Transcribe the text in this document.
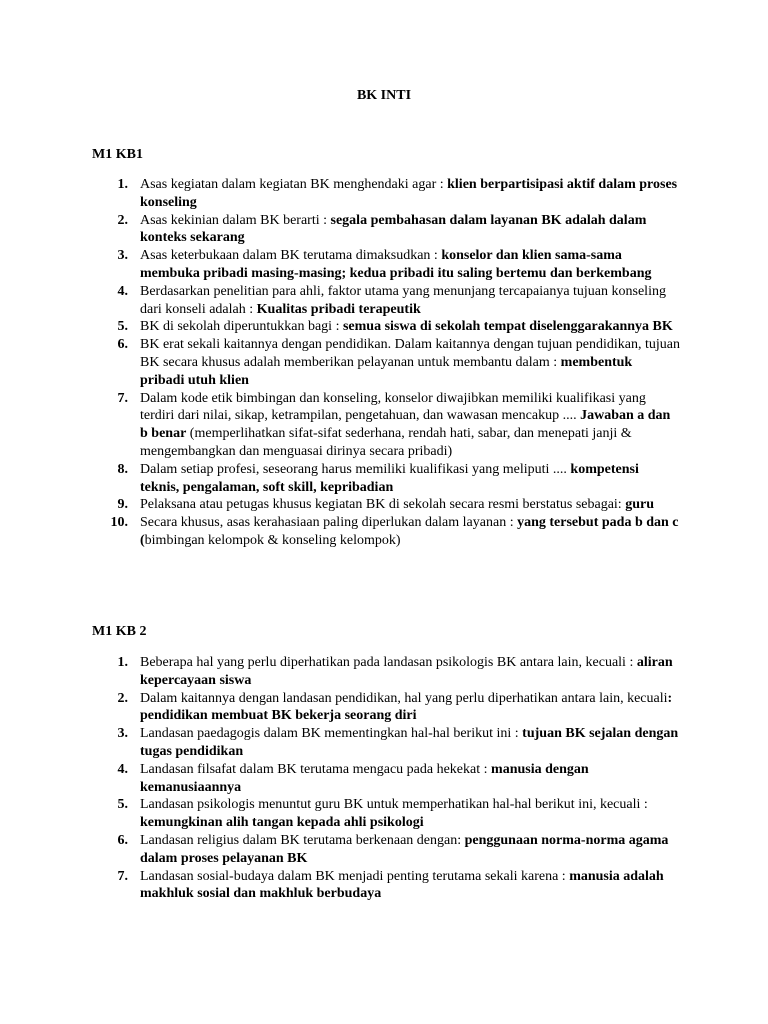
BK INTI
M1 KB1
1. Asas kegiatan dalam kegiatan BK menghendaki agar : klien berpartisipasi aktif dalam proses konseling
2. Asas kekinian dalam BK berarti : segala pembahasan dalam layanan BK adalah dalam konteks sekarang
3. Asas keterbukaan dalam BK terutama dimaksudkan : konselor dan klien sama-sama membuka pribadi masing-masing; kedua pribadi itu saling bertemu dan berkembang
4. Berdasarkan penelitian para ahli, faktor utama yang menunjang tercapaianya tujuan konseling dari konseli adalah : Kualitas pribadi terapeutik
5. BK di sekolah diperuntukkan bagi : semua siswa di sekolah tempat diselenggarakannya BK
6. BK erat sekali kaitannya dengan pendidikan. Dalam kaitannya dengan tujuan pendidikan, tujuan BK secara khusus adalah memberikan pelayanan untuk membantu dalam : membentuk pribadi utuh klien
7. Dalam kode etik bimbingan dan konseling, konselor diwajibkan memiliki kualifikasi yang terdiri dari nilai, sikap, ketrampilan, pengetahuan, dan wawasan mencakup .... Jawaban a dan b benar (memperlihatkan sifat-sifat sederhana, rendah hati, sabar, dan menepati janji & mengembangkan dan menguasai dirinya secara pribadi)
8. Dalam setiap profesi, seseorang harus memiliki kualifikasi yang meliputi .... kompetensi teknis, pengalaman, soft skill, kepribadian
9. Pelaksana atau petugas khusus kegiatan BK di sekolah secara resmi berstatus sebagai: guru
10. Secara khusus, asas kerahasiaan paling diperlukan dalam layanan : yang tersebut pada b dan c (bimbingan kelompok & konseling kelompok)
M1 KB 2
1. Beberapa hal yang perlu diperhatikan pada landasan psikologis BK antara lain, kecuali : aliran kepercayaan siswa
2. Dalam kaitannya dengan landasan pendidikan, hal yang perlu diperhatikan antara lain, kecuali: pendidikan membuat BK bekerja seorang diri
3. Landasan paedagogis dalam BK mementingkan hal-hal berikut ini : tujuan BK sejalan dengan tugas pendidikan
4. Landasan filsafat dalam BK terutama mengacu pada hekekat : manusia dengan kemanusiaannya
5. Landasan psikologis menuntut guru BK untuk memperhatikan hal-hal berikut ini, kecuali : kemungkinan alih tangan kepada ahli psikologi
6. Landasan religius dalam BK terutama berkenaan dengan: penggunaan norma-norma agama dalam proses pelayanan BK
7. Landasan sosial-budaya dalam BK menjadi penting terutama sekali karena : manusia adalah makhluk sosial dan makhluk berbudaya
